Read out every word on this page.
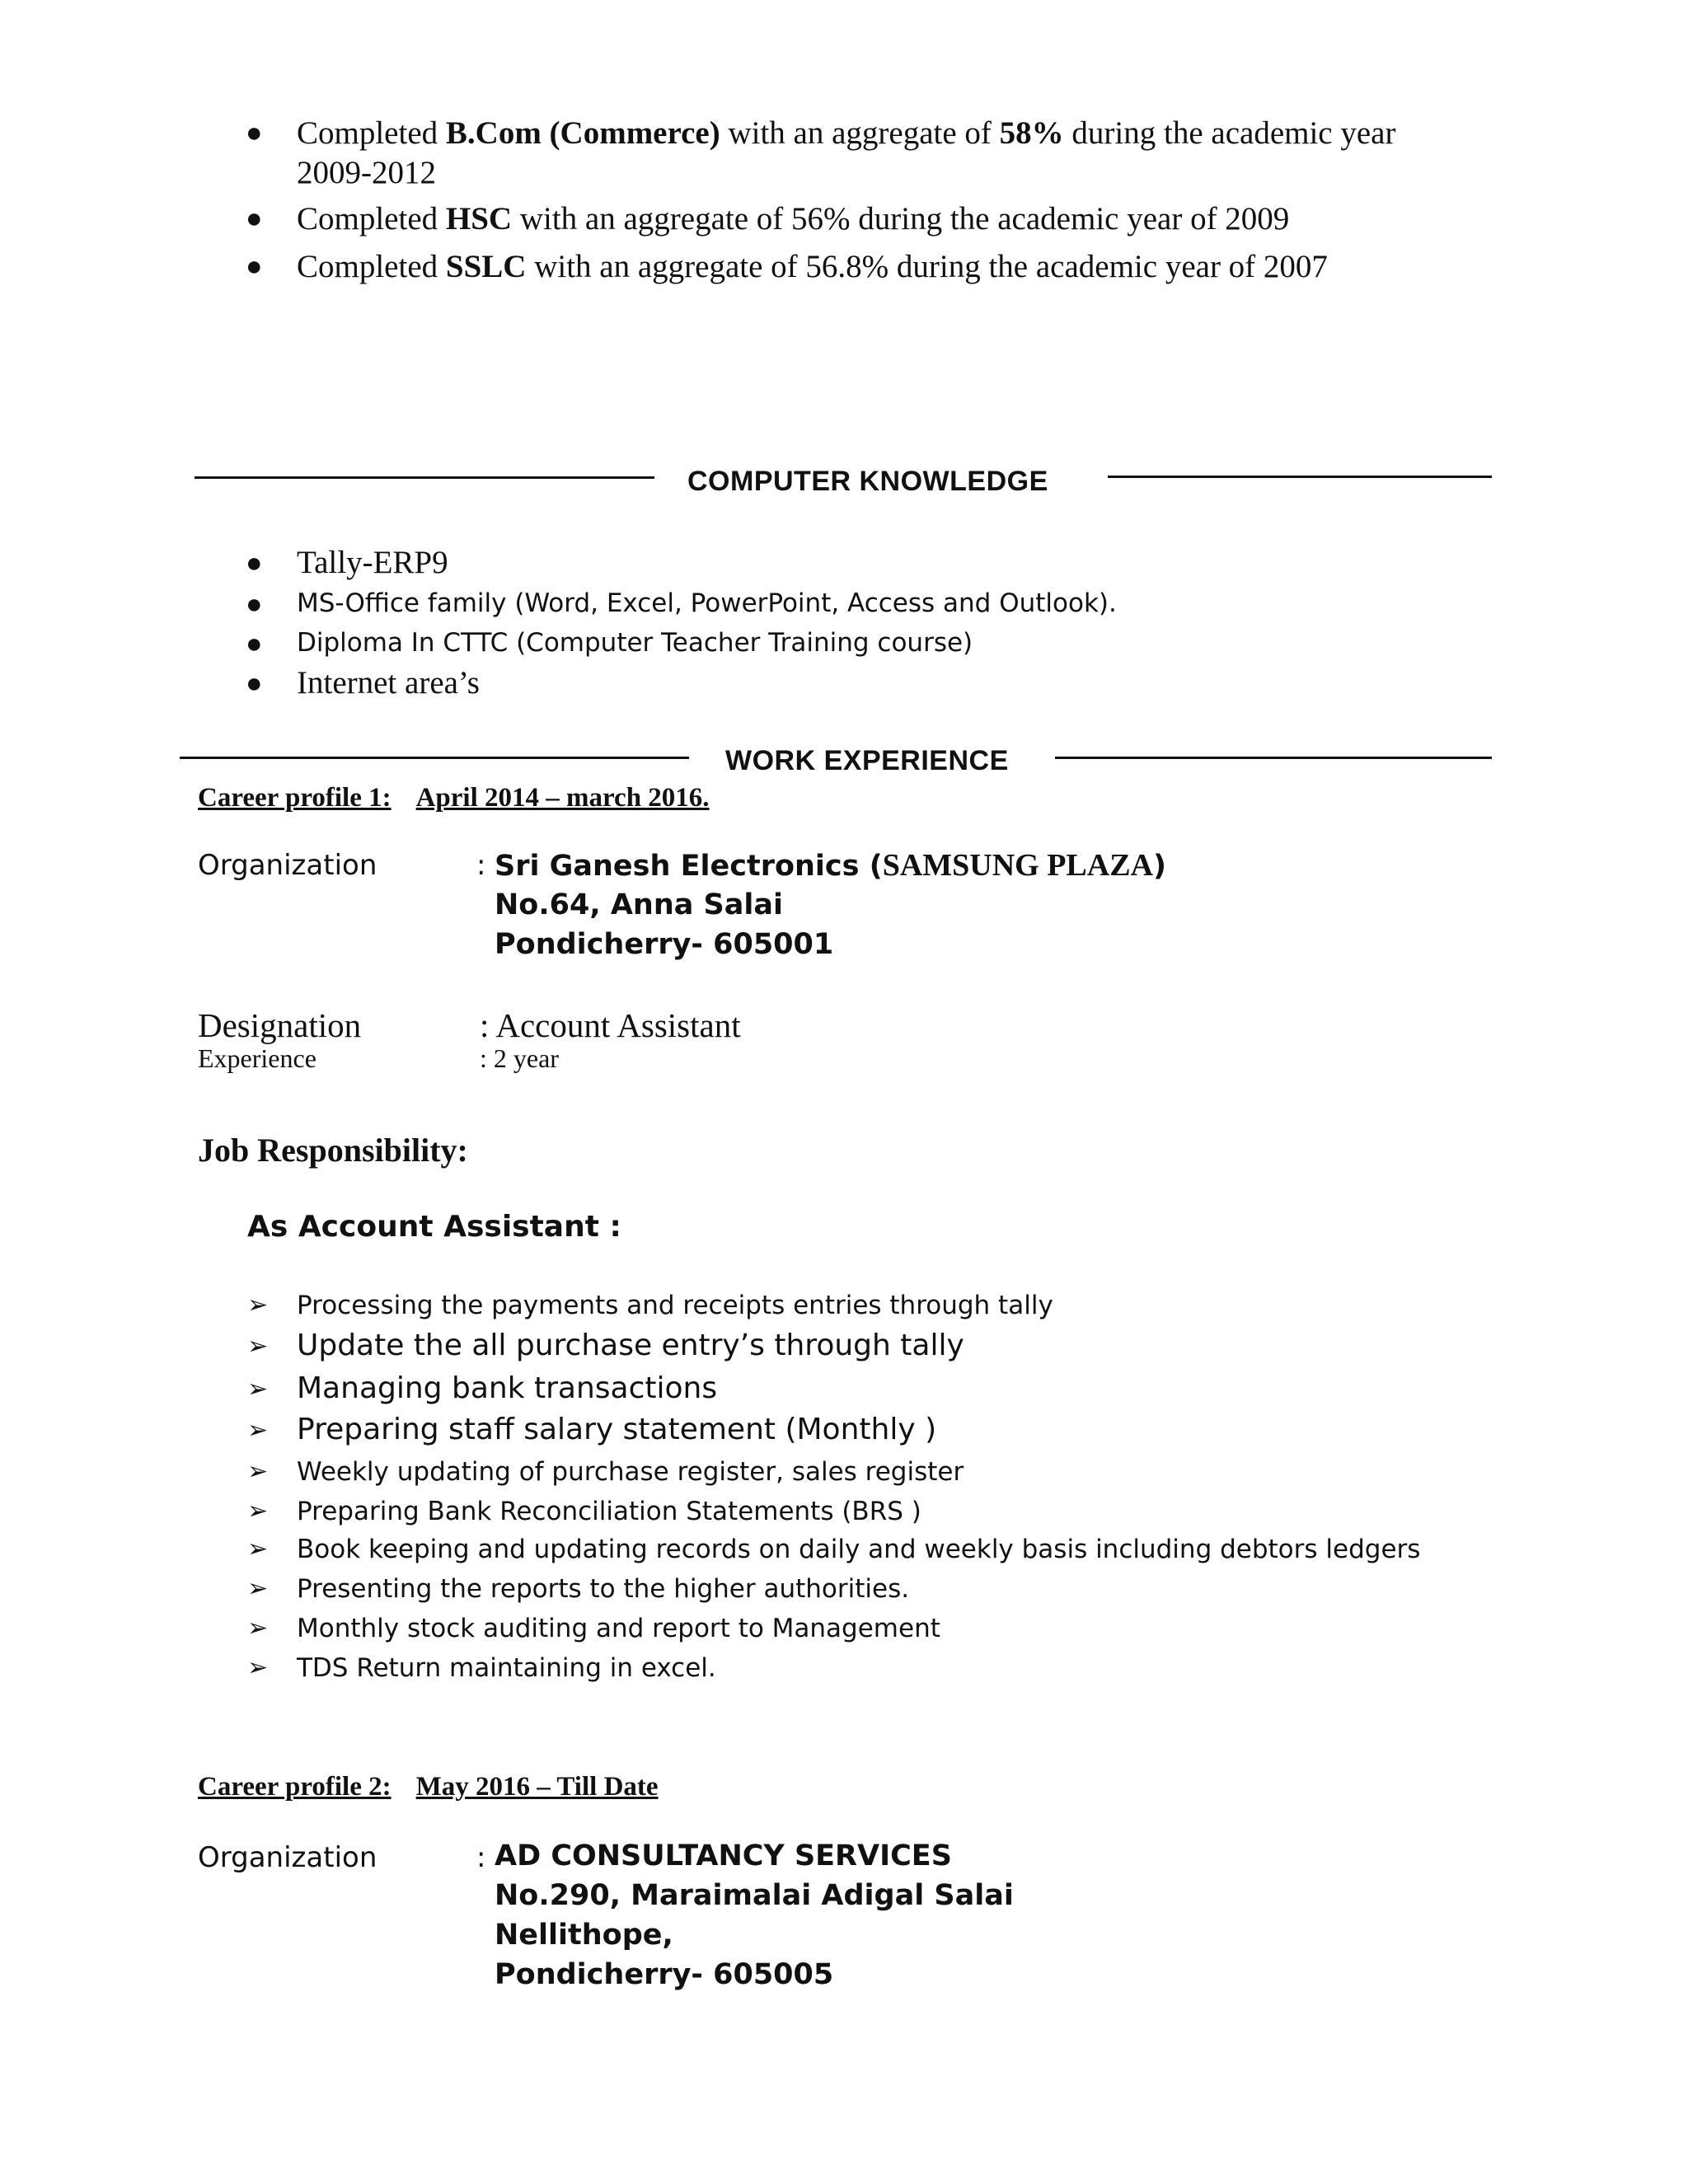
● Completed B.Com (Commerce) with an aggregate of 58% during the academic year 2009-2012
● Completed HSC with an aggregate of 56% during the academic year of 2009
● Completed SSLC with an aggregate of 56.8% during the academic year of 2007
COMPUTER KNOWLEDGE
● Tally-ERP9
● MS-Office family (Word, Excel, PowerPoint, Access and Outlook).
● Diploma In CTTC (Computer Teacher Training course)
● Internet area’s
WORK EXPERIENCE
Career profile 1: April 2014 – march 2016.
Organization	: Sri Ganesh Electronics (SAMSUNG PLAZA)
No.64, Anna Salai
Pondicherry- 605001
Designation	: Account Assistant
Experience	: 2 year
Job Responsibility:
As Account Assistant :
➢ Processing the payments and receipts entries through tally
➢ Update the all purchase entry’s through tally
➢ Managing bank transactions
➢ Preparing staff salary statement (Monthly )
➢ Weekly updating of purchase register, sales register
➢ Preparing Bank Reconciliation Statements (BRS )
➢ Book keeping and updating records on daily and weekly basis including debtors ledgers
➢ Presenting the reports to the higher authorities.
➢ Monthly stock auditing and report to Management
➢ TDS Return maintaining in excel.
Career profile 2: May 2016 – Till Date
Organization	: AD CONSULTANCY SERVICES
No.290, Maraimalai Adigal Salai
Nellithope,
Pondicherry- 605005
